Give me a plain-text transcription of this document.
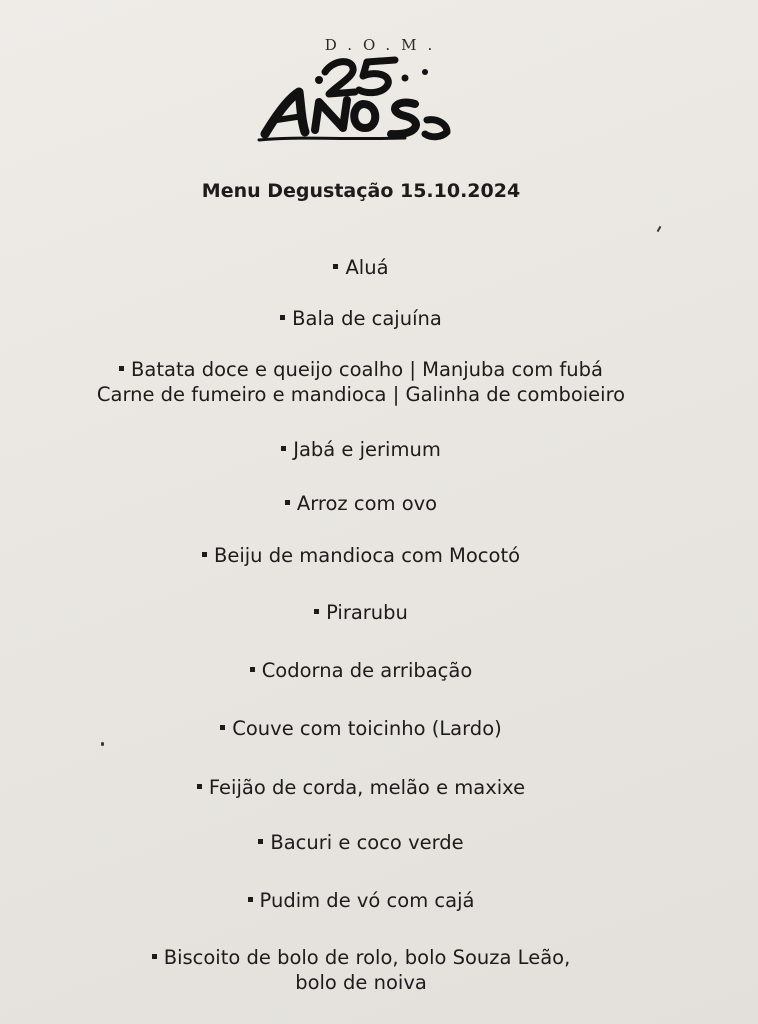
D.O.M.
Menu Degustação 15.10.2024
Aluá
Bala de cajuína
Batata doce e queijo coalho | Manjuba com fubá
Carne de fumeiro e mandioca | Galinha de comboieiro
Jabá e jerimum
Arroz com ovo
Beiju de mandioca com Mocotó
Pirarubu
Codorna de arribação
Couve com toicinho (Lardo)
Feijão de corda, melão e maxixe
Bacuri e coco verde
Pudim de vó com cajá
Biscoito de bolo de rolo, bolo Souza Leão,
bolo de noiva
